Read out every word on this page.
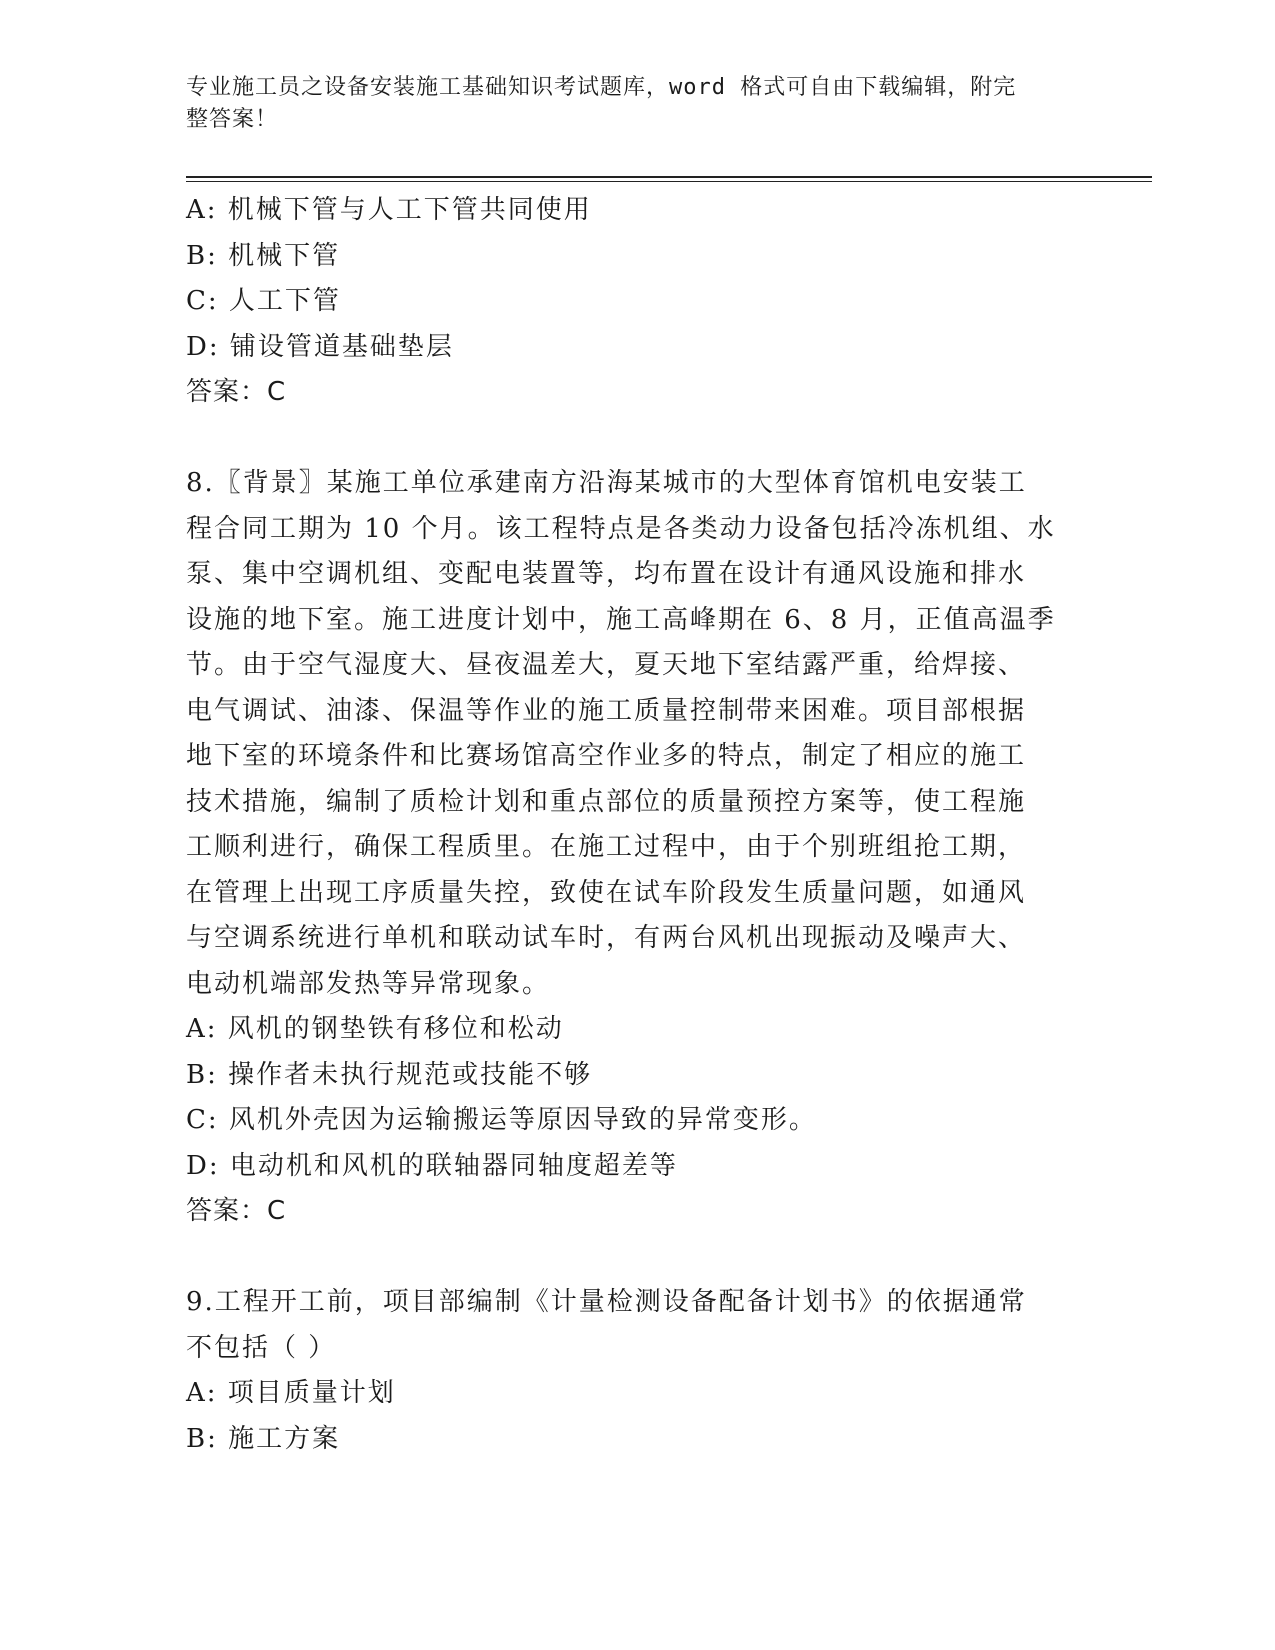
专业施工员之设备安装施工基础知识考试题库，word 格式可自由下载编辑，附完
整答案！
A: 机械下管与人工下管共同使用
B: 机械下管
C: 人工下管
D: 铺设管道基础垫层
答案：C
8.〖背景〗某施工单位承建南方沿海某城市的大型体育馆机电安装工
程合同工期为 10 个月。该工程特点是各类动力设备包括冷冻机组、水
泵、集中空调机组、变配电装置等，均布置在设计有通风设施和排水
设施的地下室。施工进度计划中，施工高峰期在 6、8 月，正值高温季
节。由于空气湿度大、昼夜温差大，夏天地下室结露严重，给焊接、
电气调试、油漆、保温等作业的施工质量控制带来困难。项目部根据
地下室的环境条件和比赛场馆高空作业多的特点，制定了相应的施工
技术措施，编制了质检计划和重点部位的质量预控方案等，使工程施
工顺利进行，确保工程质里。在施工过程中，由于个别班组抢工期，
在管理上出现工序质量失控，致使在试车阶段发生质量问题，如通风
与空调系统进行单机和联动试车时，有两台风机出现振动及噪声大、
电动机端部发热等异常现象。
A: 风机的钢垫铁有移位和松动
B: 操作者未执行规范或技能不够
C: 风机外壳因为运输搬运等原因导致的异常变形。
D: 电动机和风机的联轴器同轴度超差等
答案：C
9.工程开工前，项目部编制《计量检测设备配备计划书》的依据通常
不包括（ ）
A: 项目质量计划
B: 施工方案
